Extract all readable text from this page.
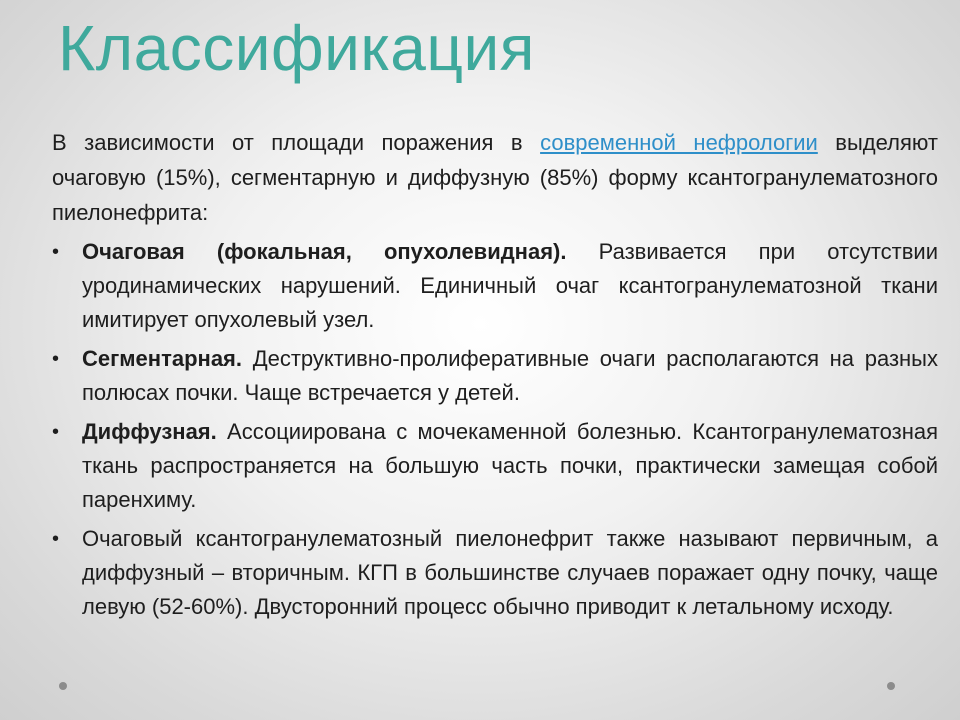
Классификация

В зависимости от площади поражения в современной нефрологии выделяют очаговую (15%), сегментарную и диффузную (85%) форму ксантогранулематозного пиелонефрита:

• Очаговая (фокальная, опухолевидная). Развивается при отсутствии уродинамических нарушений. Единичный очаг ксантогранулематозной ткани имитирует опухолевый узел.
• Сегментарная. Деструктивно-пролиферативные очаги располагаются на разных полюсах почки. Чаще встречается у детей.
• Диффузная. Ассоциирована с мочекаменной болезнью. Ксантогранулематозная ткань распространяется на большую часть почки, практически замещая собой паренхиму.
• Очаговый ксантогранулематозный пиелонефрит также называют первичным, а диффузный – вторичным. КГП в большинстве случаев поражает одну почку, чаще левую (52-60%). Двусторонний процесс обычно приводит к летальному исходу.
